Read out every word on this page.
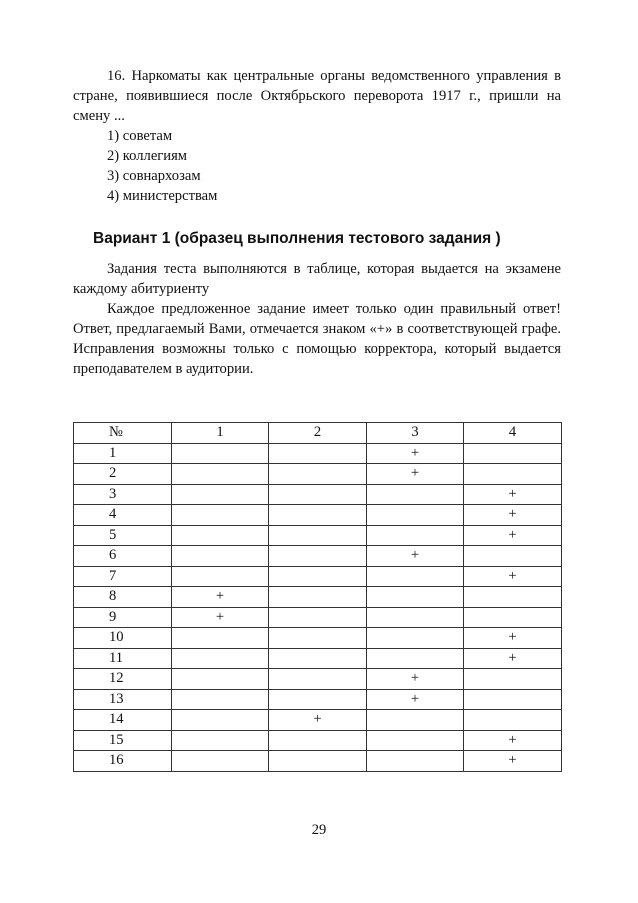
16. Наркоматы как центральные органы ведомственного управления в стране, появившиеся после Октябрьского переворота 1917 г., пришли на смену ...

1) советам
2) коллегиям
3) совнархозам
4) министерствам
Вариант 1 (образец выполнения тестового задания )

Задания теста выполняются в таблице, которая выдается на экзамене каждому абитуриенту

Каждое предложенное задание имеет только один правильный ответ! Ответ, предлагаемый Вами, отмечается знаком «+» в соответствующей графе. Исправления возможны только с помощью корректора, который выдается преподавателем в аудитории.

№	1	2	3	4
1			+	
2			+	
3				+
4				+
5				+
6			+	
7				+
8	+			
9	+			
10				+
11				+
12			+	
13			+	
14		+		
15				+
16				+
29
